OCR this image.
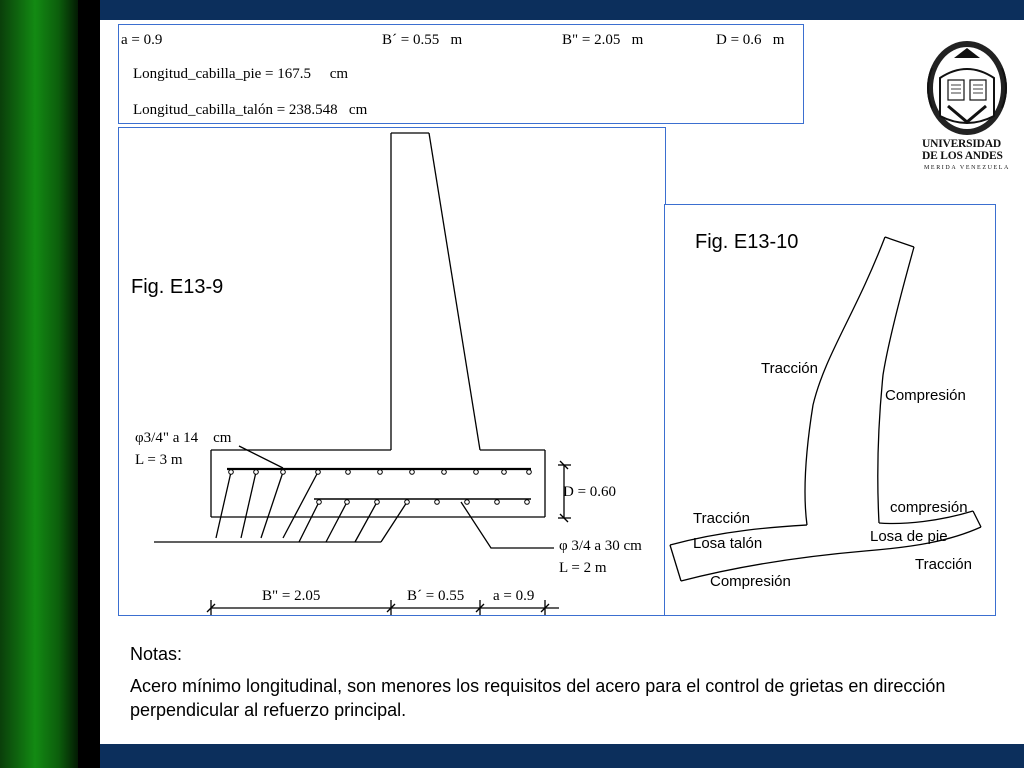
a = 0.9	B´ = 0.55   m	B" = 2.05   m	D = 0.6   m
Longitud_cabilla_pie = 167.5     cm
Longitud_cabilla_talón = 238.548   cm
Fig. E13-9
φ3/4" a 14    cm
L = 3 m
D = 0.60
φ 3/4 a 30 cm
L = 2 m
B" = 2.05	B´ = 0.55 a = 0.9
Fig. E13-10
Tracción
Compresión
compresión
Tracción
Losa talón	Losa de pie
Compresión
Tracción

Notas:

Acero mínimo longitudinal, son menores los requisitos del acero para el control de grietas en dirección perpendicular al refuerzo principal.

UNIVERSIDAD
DE LOS ANDES
MERIDA VENEZUELA
